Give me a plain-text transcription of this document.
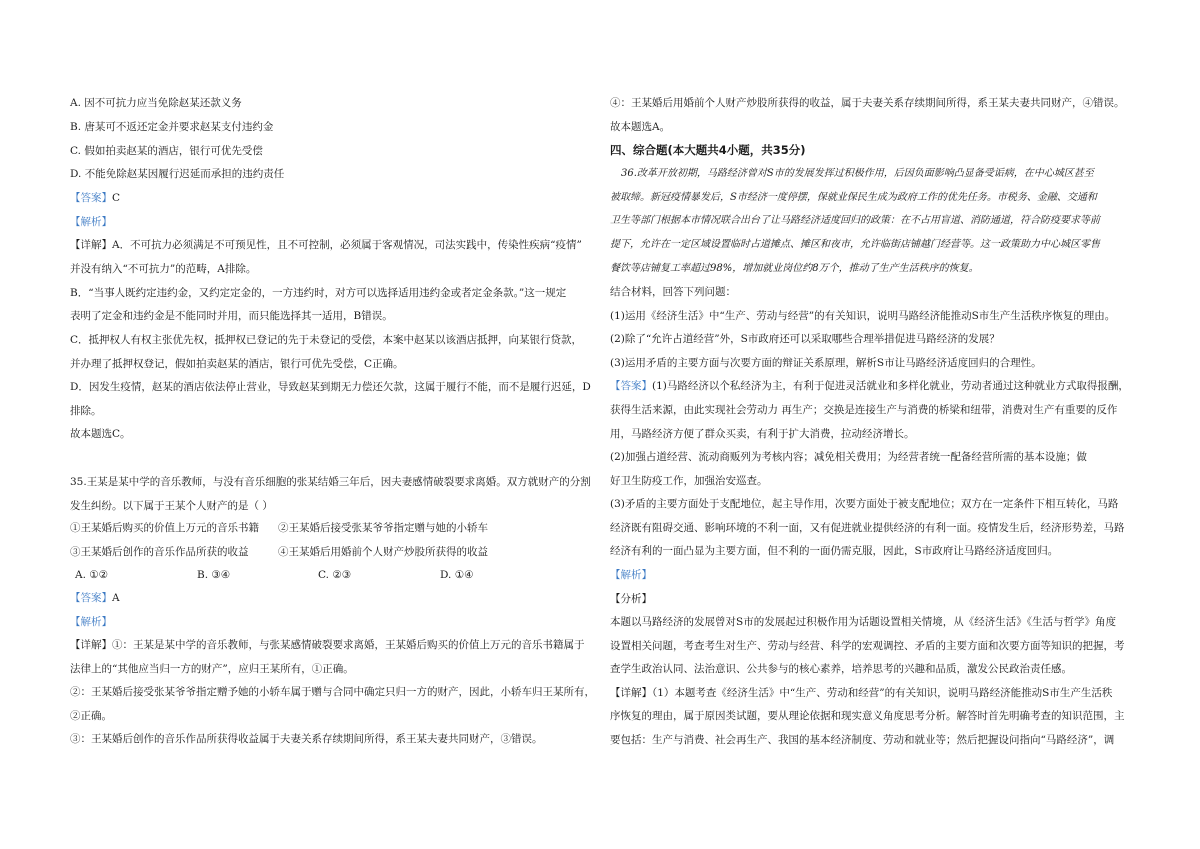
A. 因不可抗力应当免除赵某还款义务

B. 唐某可不返还定金并要求赵某支付违约金

C. 假如拍卖赵某的酒店，银行可优先受偿

D. 不能免除赵某因履行迟延而承担的违约责任

【答案】C

【解析】

【详解】A．不可抗力必须满足不可预见性，且不可控制，必须属于客观情况，司法实践中，传染性疾病“疫情”

并没有纳入“不可抗力”的范畴，A排除。

B．“当事人既约定违约金，又约定定金的，一方违约时，对方可以选择适用违约金或者定金条款。”这一规定

表明了定金和违约金是不能同时并用，而只能选择其一适用，B错误。

C．抵押权人有权主张优先权，抵押权已登记的先于未登记的受偿，本案中赵某以该酒店抵押，向某银行贷款，

并办理了抵押权登记，假如拍卖赵某的酒店，银行可优先受偿，C正确。

D．因发生疫情，赵某的酒店依法停止营业，导致赵某到期无力偿还欠款，这属于履行不能，而不是履行迟延，D

排除。

故本题选C。

35.王某是某中学的音乐教师，与没有音乐细胞的张某结婚三年后，因夫妻感情破裂要求离婚。双方就财产的分割

发生纠纷。以下属于王某个人财产的是（ ）

①王某婚后购买的价值上万元的音乐书籍 ②王某婚后接受张某爷爷指定赠与她的小轿车

③王某婚后创作的音乐作品所获的收益	④王某婚后用婚前个人财产炒股所获得的收益

A. ①②	B. ③④	C. ②③	D. ①④

【答案】A

【解析】

【详解】①：王某是某中学的音乐教师，与张某感情破裂要求离婚，王某婚后购买的价值上万元的音乐书籍属于

法律上的“其他应当归一方的财产”，应归王某所有，①正确。

②：王某婚后接受张某爷爷指定赠予她的小轿车属于赠与合同中确定只归一方的财产，因此，小轿车归王某所有，

②正确。

③：王某婚后创作的音乐作品所获得收益属于夫妻关系存续期间所得，系王某夫妻共同财产，③错误。

④：王某婚后用婚前个人财产炒股所获得的收益，属于夫妻关系存续期间所得，系王某夫妻共同财产，④错误。

故本题选A。

四、综合题(本大题共4小题，共35分)

36.改革开放初期，马路经济曾对S市的发展发挥过积极作用，后因负面影响凸显备受诟病，在中心城区甚至

被取缔。新冠疫情暴发后，S市经济一度停摆，保就业保民生成为政府工作的优先任务。市税务、金融、交通和

卫生等部门根据本市情况联合出台了让马路经济适度回归的政策：在不占用盲道、消防通道，符合防疫要求等前

提下，允许在一定区域设置临时占道摊点、摊区和夜市，允许临街店铺越门经营等。这一政策助力中心城区零售

餐饮等店铺复工率超过98%，增加就业岗位约8万个，推动了生产生活秩序的恢复。

结合材料，回答下列问题：

(1)运用《经济生活》中“生产、劳动与经营”的有关知识，说明马路经济能推动S市生产生活秩序恢复的理由。

(2)除了“允许占道经营”外，S市政府还可以采取哪些合理举措促进马路经济的发展？

(3)运用矛盾的主要方面与次要方面的辩证关系原理，解析S市让马路经济适度回归的合理性。

【答案】(1)马路经济以个私经济为主，有利于促进灵活就业和多样化就业，劳动者通过这种就业方式取得报酬，

获得生活来源，由此实现社会劳动力 再生产；交换是连接生产与消费的桥梁和纽带，消费对生产有重要的反作

用，马路经济方便了群众买卖，有利于扩大消费，拉动经济增长。

(2)加强占道经营、流动商贩列为考核内容；减免相关费用；为经营者统一配备经营所需的基本设施；做

好卫生防疫工作，加强治安巡查。

(3)矛盾的主要方面处于支配地位，起主导作用，次要方面处于被支配地位；双方在一定条件下相互转化，马路

经济既有阻碍交通、影响环境的不利一面，又有促进就业提供经济的有利一面。疫情发生后，经济形势差，马路

经济有利的一面凸显为主要方面，但不利的一面仍需克服，因此，S市政府让马路经济适度回归。

【解析】

【分析】

本题以马路经济的发展曾对S市的发展起过积极作用为话题设置相关情境，从《经济生活》《生活与哲学》角度

设置相关问题，考查考生对生产、劳动与经营、科学的宏观调控、矛盾的主要方面和次要方面等知识的把握，考

查学生政治认同、法治意识、公共参与的核心素养，培养思考的兴趣和品质，激发公民政治责任感。

【详解】（1）本题考查《经济生活》中“生产、劳动和经营”的有关知识，说明马路经济能推动S市生产生活秩

序恢复的理由，属于原因类试题，要从理论依据和现实意义角度思考分析。解答时首先明确考查的知识范围，主

要包括：生产与消费、社会再生产、我国的基本经济制度、劳动和就业等；然后把握设问指向“马路经济”，调
